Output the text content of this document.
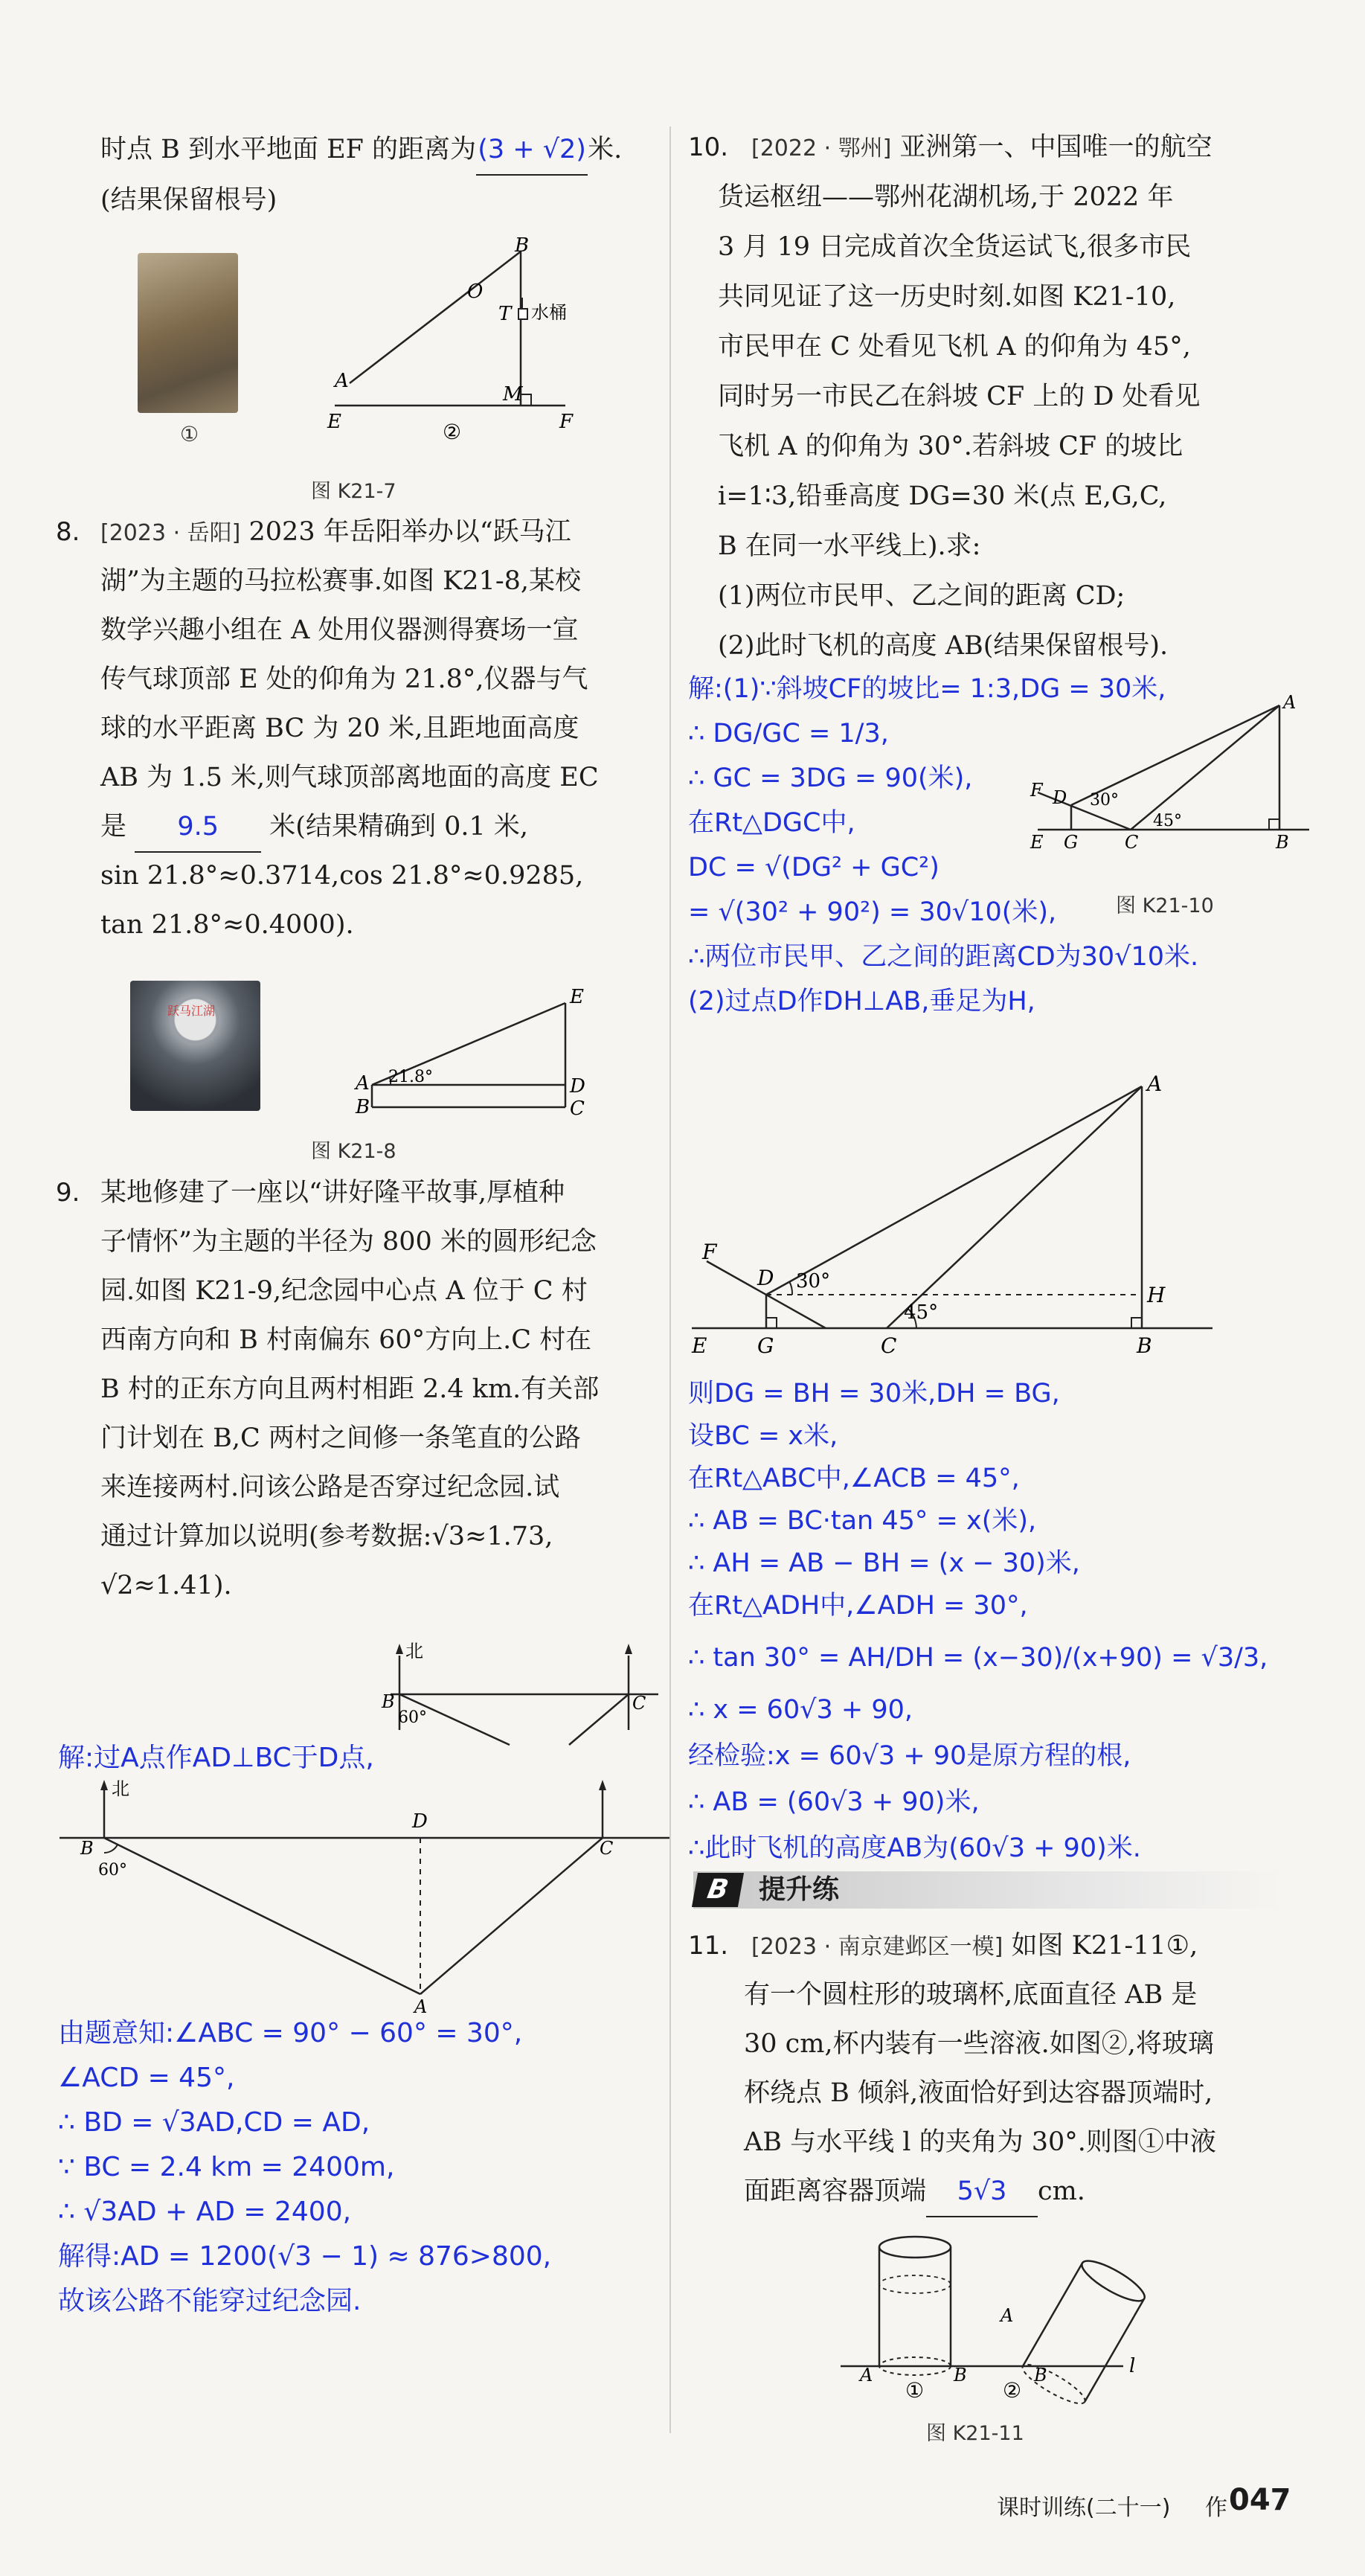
时点 B 到水平地面 EF 的距离为(3 + √2)米.
(结果保留根号)
B
O
T 水桶
A
M
E	F
②
①
图 K21-7
8. [2023 · 岳阳] 2023 年岳阳举办以“跃马江
湖”为主题的马拉松赛事.如图 K21-8,某校
数学兴趣小组在 A 处用仪器测得赛场一宣
传气球顶部 E 处的仰角为 21.8°,仪器与气
球的水平距离 BC 为 20 米,且距地面高度
AB 为 1.5 米,则气球顶部离地面的高度 EC
是 9.5 米(结果精确到 0.1 米,
sin 21.8°≈0.3714,cos 21.8°≈0.9285,
tan 21.8°≈0.4000).
跃马江湖
E
A 21.8°
B
D
C
图 K21-8
9. 某地修建了一座以“讲好隆平故事,厚植种
子情怀”为主题的半径为 800 米的圆形纪念
园.如图 K21-9,纪念园中心点 A 位于 C 村
西南方向和 B 村南偏东 60°方向上.C 村在
B 村的正东方向且两村相距 2.4 km.有关部
门计划在 B,C 两村之间修一条笔直的公路
来连接两村.问该公路是否穿过纪念园.试
通过计算加以说明(参考数据:√3≈1.73,
√2≈1.41).
北
B
60°
C
解:过A点作AD⊥BC于D点,
北
B
60°
D
C
A
由题意知:∠ABC = 90° − 60° = 30°,
∠ACD = 45°,
∴ BD = √3AD,CD = AD,
∵ BC = 2.4 km = 2400m,
∴ √3AD + AD = 2400,
解得:AD = 1200(√3 − 1) ≈ 876>800,
故该公路不能穿过纪念园.
10. [2022 · 鄂州] 亚洲第一、中国唯一的航空
货运枢纽——鄂州花湖机场,于 2022 年
3 月 19 日完成首次全货运试飞,很多市民
共同见证了这一历史时刻.如图 K21-10,
市民甲在 C 处看见飞机 A 的仰角为 45°,
同时另一市民乙在斜坡 CF 上的 D 处看见
飞机 A 的仰角为 30°.若斜坡 CF 的坡比
i=1∶3,铅垂高度 DG=30 米(点 E,G,C,
B 在同一水平线上).求:
(1)两位市民甲、乙之间的距离 CD;
(2)此时飞机的高度 AB(结果保留根号).
解:(1)∵斜坡CF的坡比= 1:3,DG = 30米,
∴ DG/GC = 1/3,
∴ GC = 3DG = 90(米),
在Rt△DGC中,
DC = √(DG² + GC²)
= √(30² + 90²) = 30√10(米),
∴两位市民甲、乙之间的距离CD为30√10米.
(2)过点D作DH⊥AB,垂足为H,
A
F D 30°
45°
E G	C	B
图 K21-10
A
F
D 30°
H
45°
E G	C	B
则DG = BH = 30米,DH = BG,
设BC = x米,
在Rt△ABC中,∠ACB = 45°,
∴ AB = BC·tan 45° = x(米),
∴ AH = AB − BH = (x − 30)米,
在Rt△ADH中,∠ADH = 30°,
∴ tan 30° = AH/DH = (x−30)/(x+90) = √3/3,
∴ x = 60√3 + 90,
经检验:x = 60√3 + 90是原方程的根,
∴ AB = (60√3 + 90)米,
∴此时飞机的高度AB为(60√3 + 90)米.
B	提升练
11. [2023 · 南京建邺区一模] 如图 K21-11①,
有一个圆柱形的玻璃杯,底面直径 AB 是
30 cm,杯内装有一些溶液.如图②,将玻璃
杯绕点 B 倾斜,液面恰好到达容器顶端时,
AB 与水平线 l 的夹角为 30°.则图①中液
面距离容器顶端 5√3 cm.
A	B
①
A
B
②
l
图 K21-11
课时训练(二十一) 作 047
